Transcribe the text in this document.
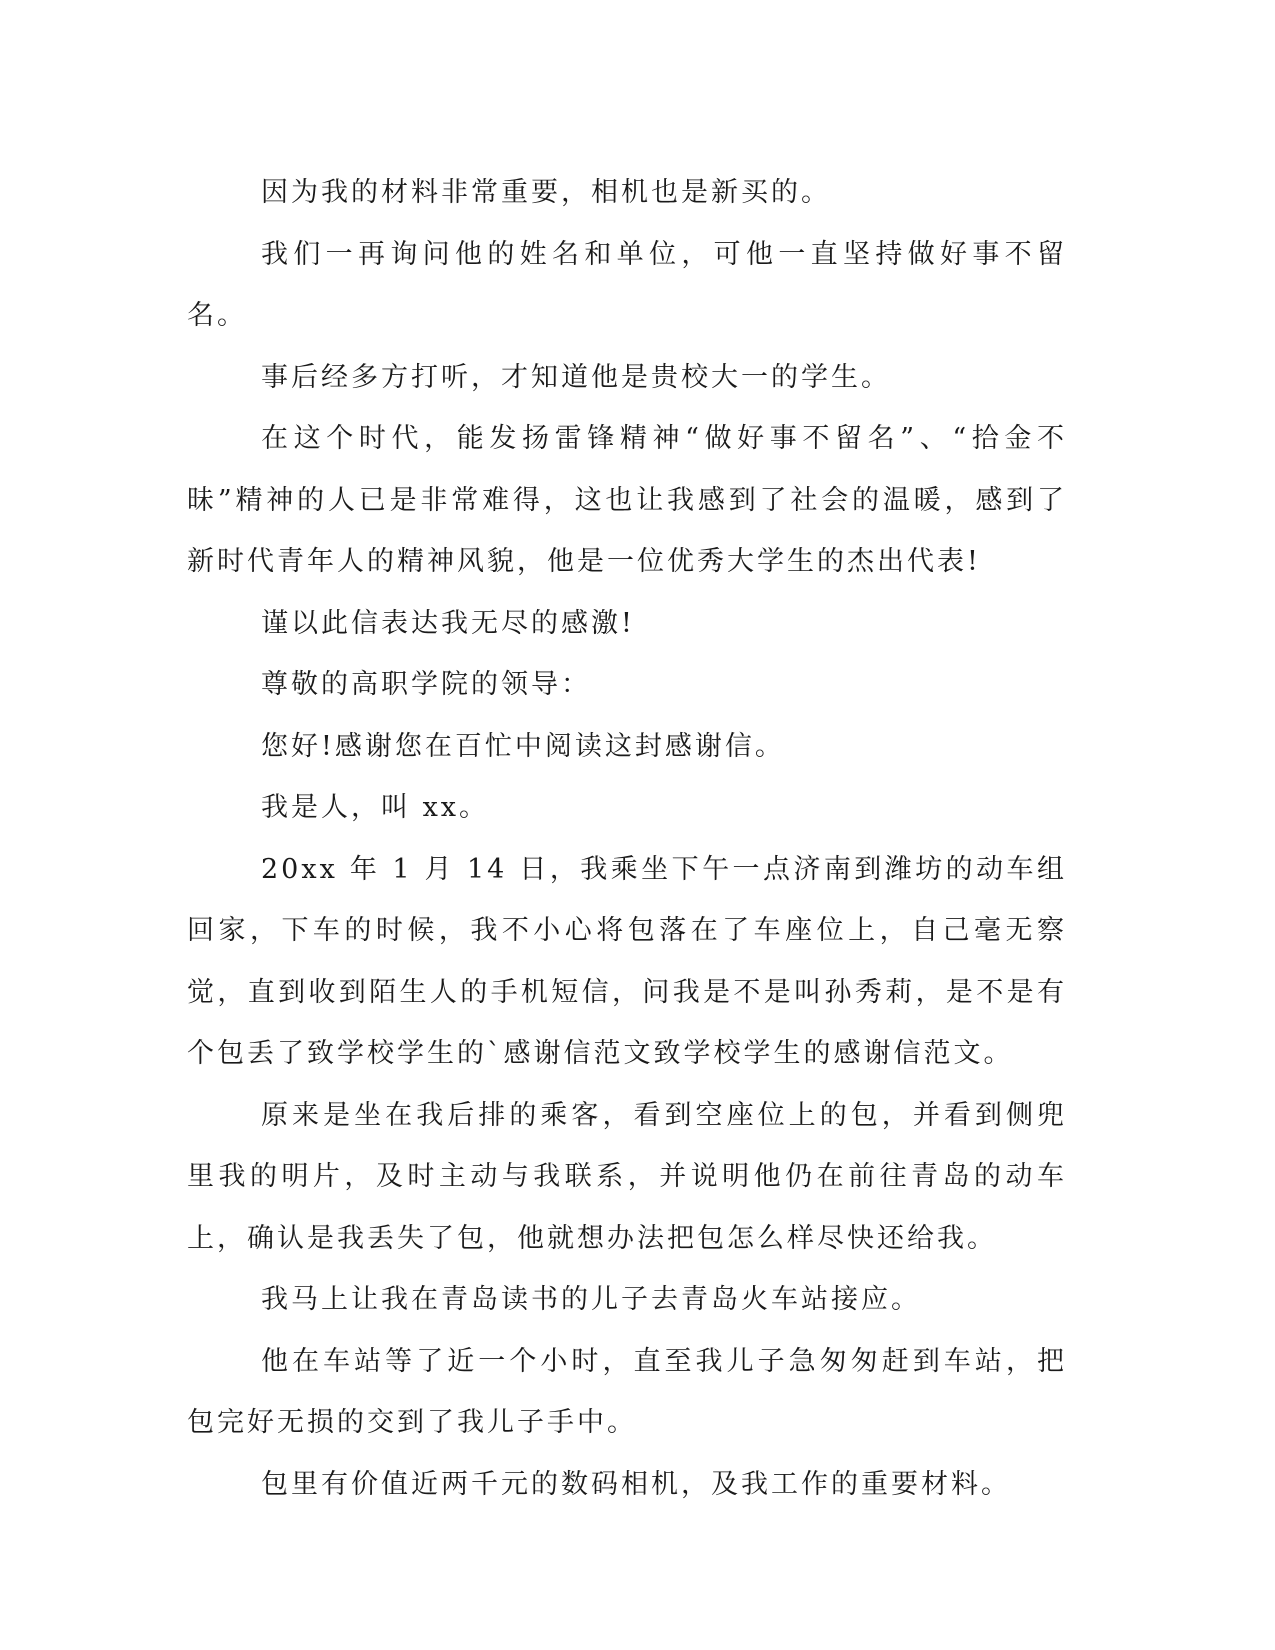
因为我的材料非常重要，相机也是新买的。

我们一再询问他的姓名和单位，可他一直坚持做好事不留名。

事后经多方打听，才知道他是贵校大一的学生。

在这个时代，能发扬雷锋精神“做好事不留名”、“拾金不昧”精神的人已是非常难得，这也让我感到了社会的温暖，感到了新时代青年人的精神风貌，他是一位优秀大学生的杰出代表!

谨以此信表达我无尽的感激!

尊敬的高职学院的领导：

您好!感谢您在百忙中阅读这封感谢信。

我是人，叫 xx。

20xx 年 1 月 14 日，我乘坐下午一点济南到潍坊的动车组回家，下车的时候，我不小心将包落在了车座位上，自己毫无察觉，直到收到陌生人的手机短信，问我是不是叫孙秀莉，是不是有个包丢了致学校学生的`感谢信范文致学校学生的感谢信范文。

原来是坐在我后排的乘客，看到空座位上的包，并看到侧兜里我的明片，及时主动与我联系，并说明他仍在前往青岛的动车上，确认是我丢失了包，他就想办法把包怎么样尽快还给我。

我马上让我在青岛读书的儿子去青岛火车站接应。

他在车站等了近一个小时，直至我儿子急匆匆赶到车站，把包完好无损的交到了我儿子手中。

包里有价值近两千元的数码相机，及我工作的重要材料。
